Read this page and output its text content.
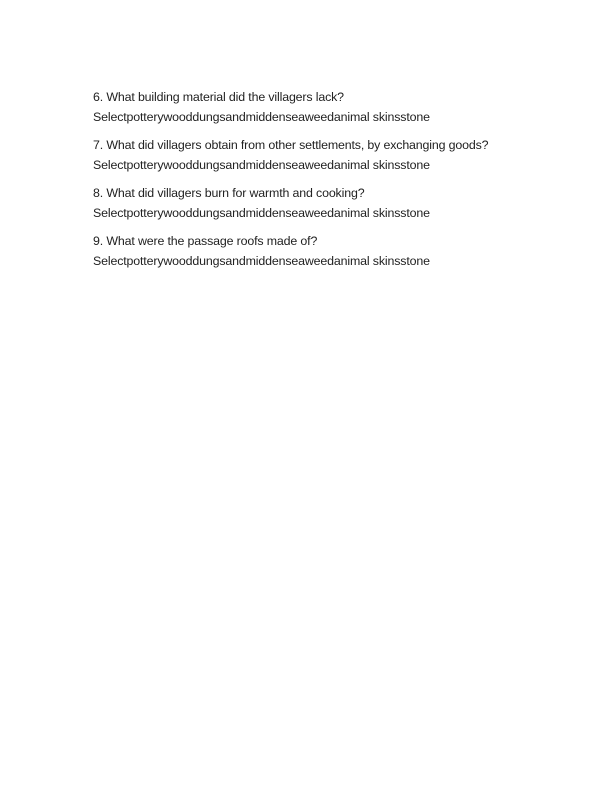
6. What building material did the villagers lack?
Selectpotterywooddungsandmiddenseaweedanimal skinsstone
7. What did villagers obtain from other settlements, by exchanging goods?
Selectpotterywooddungsandmiddenseaweedanimal skinsstone
8. What did villagers burn for warmth and cooking?
Selectpotterywooddungsandmiddenseaweedanimal skinsstone
9. What were the passage roofs made of?
Selectpotterywooddungsandmiddenseaweedanimal skinsstone
